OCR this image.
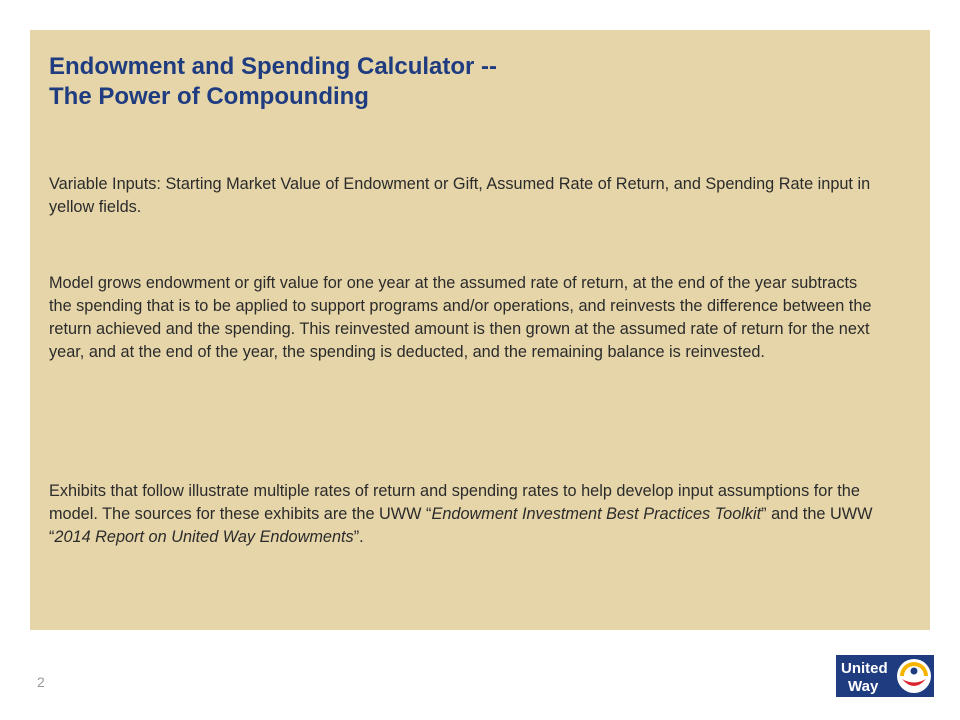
Endowment and Spending Calculator --
The Power of Compounding

Variable Inputs: Starting Market Value of Endowment or Gift, Assumed Rate of Return, and Spending Rate input in yellow fields.

Model grows endowment or gift value for one year at the assumed rate of return, at the end of the year subtracts the spending that is to be applied to support programs and/or operations, and reinvests the difference between the return achieved and the spending. This reinvested amount is then grown at the assumed rate of return for the next year, and at the end of the year, the spending is deducted, and the remaining balance is reinvested.

Exhibits that follow illustrate multiple rates of return and spending rates to help develop input assumptions for the model. The sources for these exhibits are the UWW “Endowment Investment Best Practices Toolkit” and the UWW “2014 Report on United Way Endowments”.

2
United
Way
